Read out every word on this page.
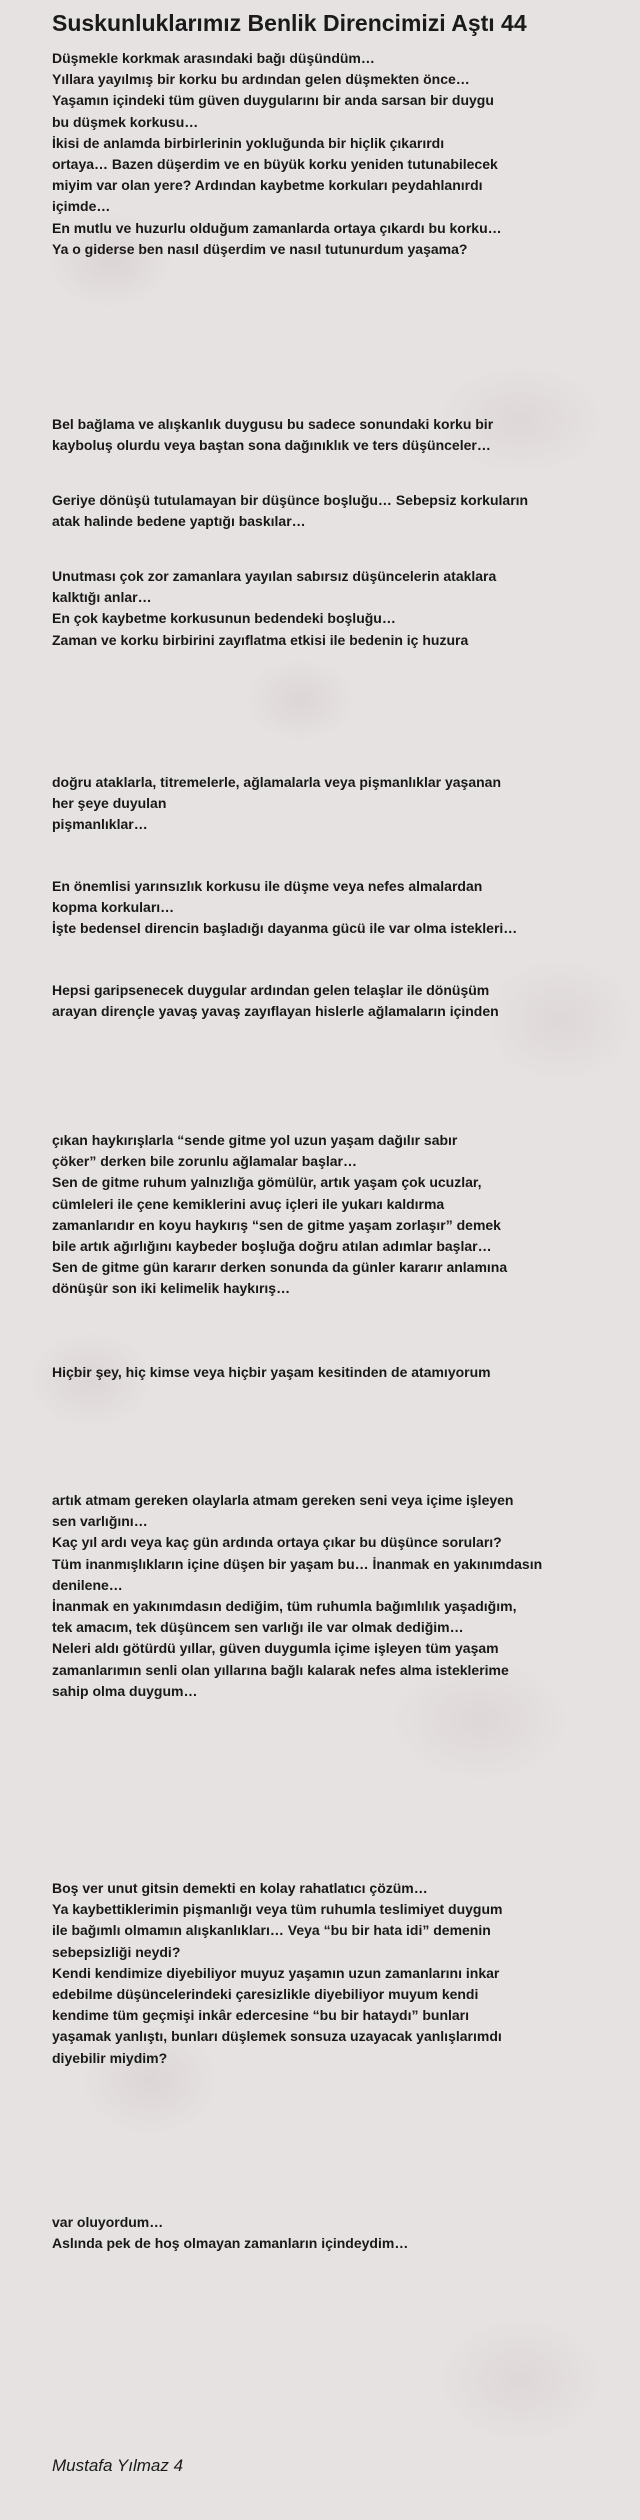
Suskunluklarımız Benlik Direncimizi Aştı 44
Düşmekle korkmak arasındaki bağı düşündüm…
Yıllara yayılmış bir korku bu ardından gelen düşmekten önce…
Yaşamın içindeki tüm güven duygularını bir anda sarsan bir duygu
bu düşmek korkusu…
İkisi de anlamda birbirlerinin yokluğunda bir hiçlik çıkarırdı
ortaya… Bazen düşerdim ve en büyük korku yeniden tutunabilecek
miyim var olan yere? Ardından kaybetme korkuları peydahlanırdı
içimde…
En mutlu ve huzurlu olduğum zamanlarda ortaya çıkardı bu korku…
Ya o giderse ben nasıl düşerdim ve nasıl tutunurdum yaşama?
Bel bağlama ve alışkanlık duygusu bu sadece sonundaki korku bir
kayboluş olurdu veya baştan sona dağınıklık ve ters düşünceler…
Geriye dönüşü tutulamayan bir düşünce boşluğu… Sebepsiz korkuların
atak halinde bedene yaptığı baskılar…
Unutması çok zor zamanlara yayılan sabırsız düşüncelerin ataklara
kalktığı anlar…
En çok kaybetme korkusunun bedendeki boşluğu…
Zaman ve korku birbirini zayıflatma etkisi ile bedenin iç huzura
doğru ataklarla, titremelerle, ağlamalarla veya pişmanlıklar yaşanan
her şeye duyulan
pişmanlıklar…
En önemlisi yarınsızlık korkusu ile düşme veya nefes almalardan
kopma korkuları…
İşte bedensel direncin başladığı dayanma gücü ile var olma istekleri…
Hepsi garipsenecek duygular ardından gelen telaşlar ile dönüşüm
arayan dirençle yavaş yavaş zayıflayan hislerle ağlamaların içinden
çıkan haykırışlarla “sende gitme yol uzun yaşam dağılır sabır
çöker” derken bile zorunlu ağlamalar başlar…
Sen de gitme ruhum yalnızlığa gömülür, artık yaşam çok ucuzlar,
cümleleri ile çene kemiklerini avuç içleri ile yukarı kaldırma
zamanlarıdır en koyu haykırış “sen de gitme yaşam zorlaşır” demek
bile artık ağırlığını kaybeder boşluğa doğru atılan adımlar başlar…
Sen de gitme gün kararır derken sonunda da günler kararır anlamına
dönüşür son iki kelimelik haykırış…
Hiçbir şey, hiç kimse veya hiçbir yaşam kesitinden de atamıyorum
artık atmam gereken olaylarla atmam gereken seni veya içime işleyen
sen varlığını…
Kaç yıl ardı veya kaç gün ardında ortaya çıkar bu düşünce soruları?
Tüm inanmışlıkların içine düşen bir yaşam bu… İnanmak en yakınımdasın
denilene…
İnanmak en yakınımdasın dediğim, tüm ruhumla bağımlılık yaşadığım,
tek amacım, tek düşüncem sen varlığı ile var olmak dediğim…
Neleri aldı götürdü yıllar, güven duygumla içime işleyen tüm yaşam
zamanlarımın senli olan yıllarına bağlı kalarak nefes alma isteklerime
sahip olma duygum…
Boş ver unut gitsin demekti en kolay rahatlatıcı çözüm…
Ya kaybettiklerimin pişmanlığı veya tüm ruhumla teslimiyet duygum
ile bağımlı olmamın alışkanlıkları… Veya “bu bir hata idi” demenin
sebepsizliği neydi?
Kendi kendimize diyebiliyor muyuz yaşamın uzun zamanlarını inkar
edebilme düşüncelerindeki çaresizlikle diyebiliyor muyum kendi
kendime tüm geçmişi inkâr edercesine “bu bir hataydı” bunları
yaşamak yanlıştı, bunları düşlemek sonsuza uzayacak yanlışlarımdı
diyebilir miydim?
var oluyordum…
Aslında pek de hoş olmayan zamanların içindeydim…
Mustafa Yılmaz 4
